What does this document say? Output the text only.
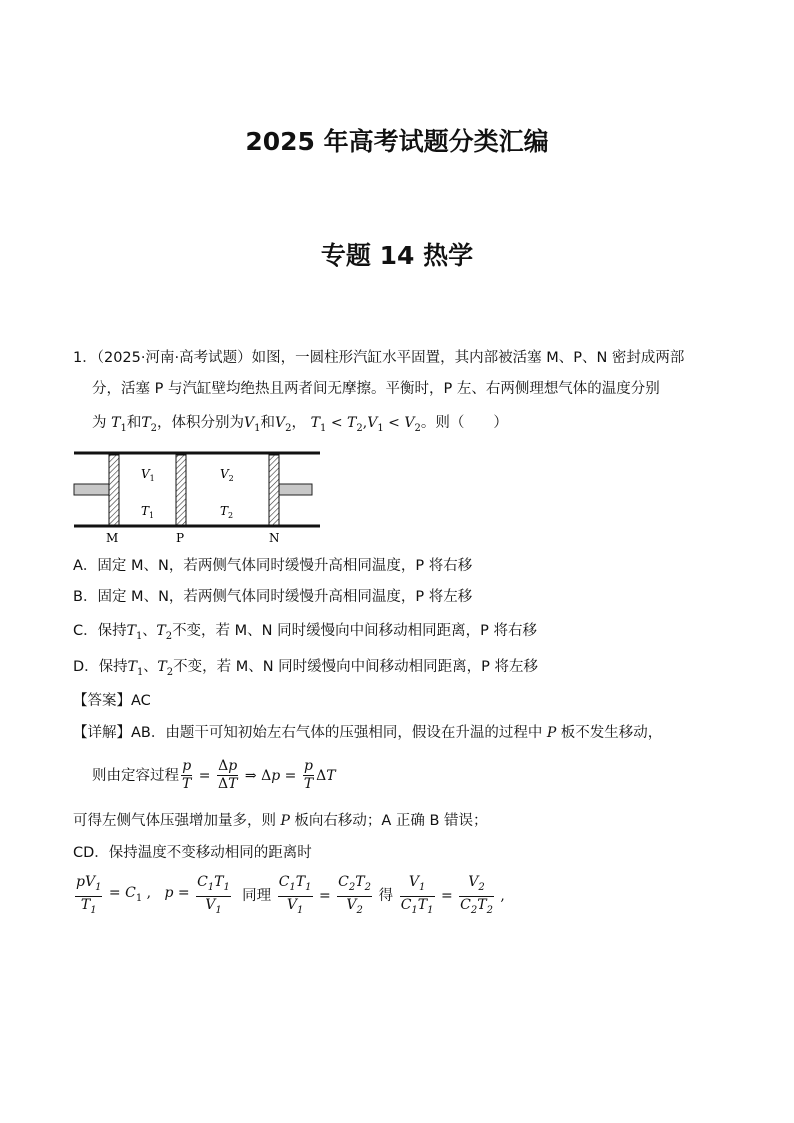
2025 年高考试题分类汇编
专题 14 热学
1．（2025·河南·高考试题）如图，一圆柱形汽缸水平固置，其内部被活塞 M、P、N 密封成两部
分，活塞 P 与汽缸壁均绝热且两者间无摩擦。平衡时，P 左、右两侧理想气体的温度分别
为 $T_1$和$T_2$，体积分别为$V_1$和$V_2$， $T_1 < T_2,V_1 < V_2$。则（　　）
$V_1$	$V_2$
$T_1$	$T_2$
M	P	N
A．固定 M、N，若两侧气体同时缓慢升高相同温度，P 将右移
B．固定 M、N，若两侧气体同时缓慢升高相同温度，P 将左移
C．保持$T_1$、$T_2$不变，若 M、N 同时缓慢向中间移动相同距离，P 将右移
D．保持$T_1$、$T_2$不变，若 M、N 同时缓慢向中间移动相同距离，P 将左移
【答案】AC
【详解】AB．由题干可知初始左右气体的压强相同，假设在升温的过程中 P 板不发生移动，
则由定容过程 $\frac{p}{T} = \frac{\Delta p}{\Delta T}$ ⇒ $\Delta p = \frac{p}{T}$ ΔT
可得左侧气体压强增加量多，则 P 板向右移动；A 正确 B 错误；
CD．保持温度不变移动相同的距离时
$\frac{pV_1}{T_1} = C_1$ ,   $p = \frac{C_1T_1}{V_1}$
同理
$\frac{C_1T_1}{V_1} = \frac{C_2T_2}{V_2}$
得
$\frac{V_1}{C_1T_1} = \frac{V_2}{C_2T_2}$ ,
